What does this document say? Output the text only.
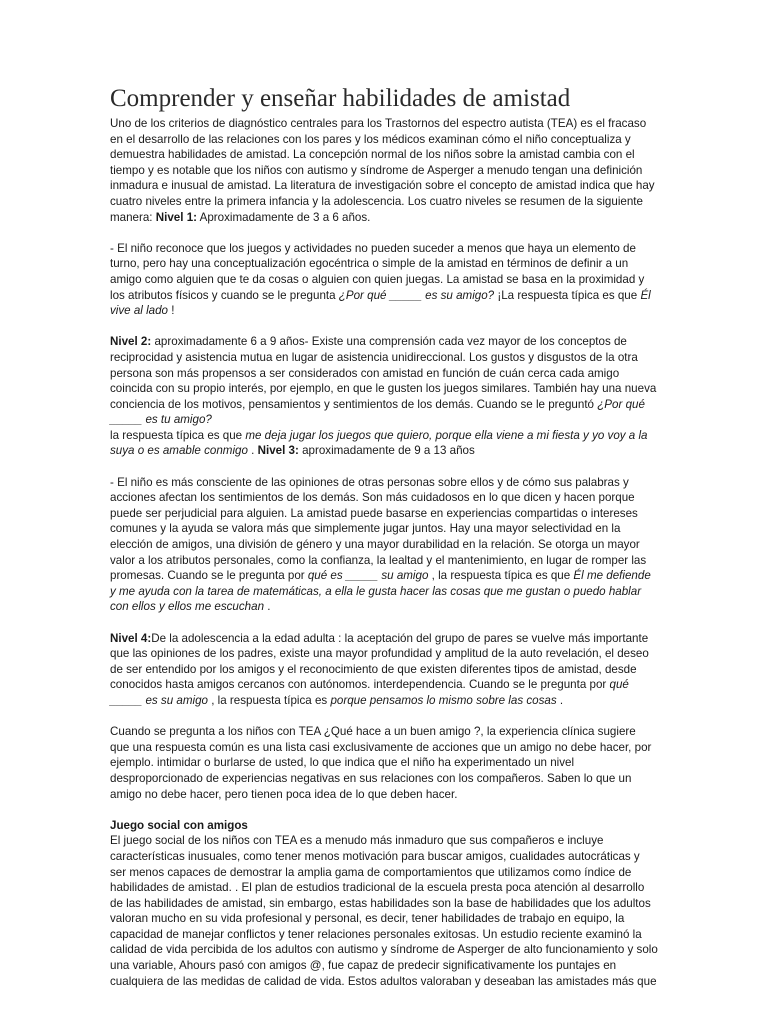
Comprender y enseñar habilidades de amistad

Uno de los criterios de diagnóstico centrales para los Trastornos del espectro autista (TEA) es el fracaso en el desarrollo de las relaciones con los pares y los médicos examinan cómo el niño conceptualiza y demuestra habilidades de amistad. La concepción normal de los niños sobre la amistad cambia con el tiempo y es notable que los niños con autismo y síndrome de Asperger a menudo tengan una definición inmadura e inusual de amistad. La literatura de investigación sobre el concepto de amistad indica que hay cuatro niveles entre la primera infancia y la adolescencia. Los cuatro niveles se resumen de la siguiente manera: Nivel 1: Aproximadamente de 3 a 6 años.

- El niño reconoce que los juegos y actividades no pueden suceder a menos que haya un elemento de turno, pero hay una conceptualización egocéntrica o simple de la amistad en términos de definir a un amigo como alguien que te da cosas o alguien con quien juegas. La amistad se basa en la proximidad y los atributos físicos y cuando se le pregunta ¿Por qué _____ es su amigo? ¡La respuesta típica es que Él vive al lado !

Nivel 2: aproximadamente 6 a 9 años- Existe una comprensión cada vez mayor de los conceptos de reciprocidad y asistencia mutua en lugar de asistencia unidireccional. Los gustos y disgustos de la otra persona son más propensos a ser considerados con amistad en función de cuán cerca cada amigo coincida con su propio interés, por ejemplo, en que le gusten los juegos similares. También hay una nueva conciencia de los motivos, pensamientos y sentimientos de los demás. Cuando se le preguntó ¿Por qué _____ es tu amigo?
la respuesta típica es que me deja jugar los juegos que quiero, porque ella viene a mi fiesta y yo voy a la suya o es amable conmigo . Nivel 3: aproximadamente de 9 a 13 años

- El niño es más consciente de las opiniones de otras personas sobre ellos y de cómo sus palabras y acciones afectan los sentimientos de los demás. Son más cuidadosos en lo que dicen y hacen porque puede ser perjudicial para alguien. La amistad puede basarse en experiencias compartidas o intereses comunes y la ayuda se valora más que simplemente jugar juntos. Hay una mayor selectividad en la elección de amigos, una división de género y una mayor durabilidad en la relación. Se otorga un mayor valor a los atributos personales, como la confianza, la lealtad y el mantenimiento, en lugar de romper las promesas. Cuando se le pregunta por qué es _____ su amigo , la respuesta típica es que Él me defiende y me ayuda con la tarea de matemáticas, a ella le gusta hacer las cosas que me gustan o puedo hablar con ellos y ellos me escuchan .

Nivel 4:De la adolescencia a la edad adulta : la aceptación del grupo de pares se vuelve más importante que las opiniones de los padres, existe una mayor profundidad y amplitud de la auto revelación, el deseo de ser entendido por los amigos y el reconocimiento de que existen diferentes tipos de amistad, desde conocidos hasta amigos cercanos con autónomos. interdependencia. Cuando se le pregunta por qué _____ es su amigo , la respuesta típica es porque pensamos lo mismo sobre las cosas .

Cuando se pregunta a los niños con TEA ¿Qué hace a un buen amigo ?, la experiencia clínica sugiere que una respuesta común es una lista casi exclusivamente de acciones que un amigo no debe hacer, por ejemplo. intimidar o burlarse de usted, lo que indica que el niño ha experimentado un nivel desproporcionado de experiencias negativas en sus relaciones con los compañeros. Saben lo que un amigo no debe hacer, pero tienen poca idea de lo que deben hacer.

Juego social con amigos

El juego social de los niños con TEA es a menudo más inmaduro que sus compañeros e incluye características inusuales, como tener menos motivación para buscar amigos, cualidades autocráticas y ser menos capaces de demostrar la amplia gama de comportamientos que utilizamos como índice de habilidades de amistad. . El plan de estudios tradicional de la escuela presta poca atención al desarrollo de las habilidades de amistad, sin embargo, estas habilidades son la base de habilidades que los adultos valoran mucho en su vida profesional y personal, es decir, tener habilidades de trabajo en equipo, la capacidad de manejar conflictos y tener relaciones personales exitosas. Un estudio reciente examinó la calidad de vida percibida de los adultos con autismo y síndrome de Asperger de alto funcionamiento y solo una variable, Ahours pasó con amigos @, fue capaz de predecir significativamente los puntajes en cualquiera de las medidas de calidad de vida. Estos adultos valoraban y deseaban las amistades más que
